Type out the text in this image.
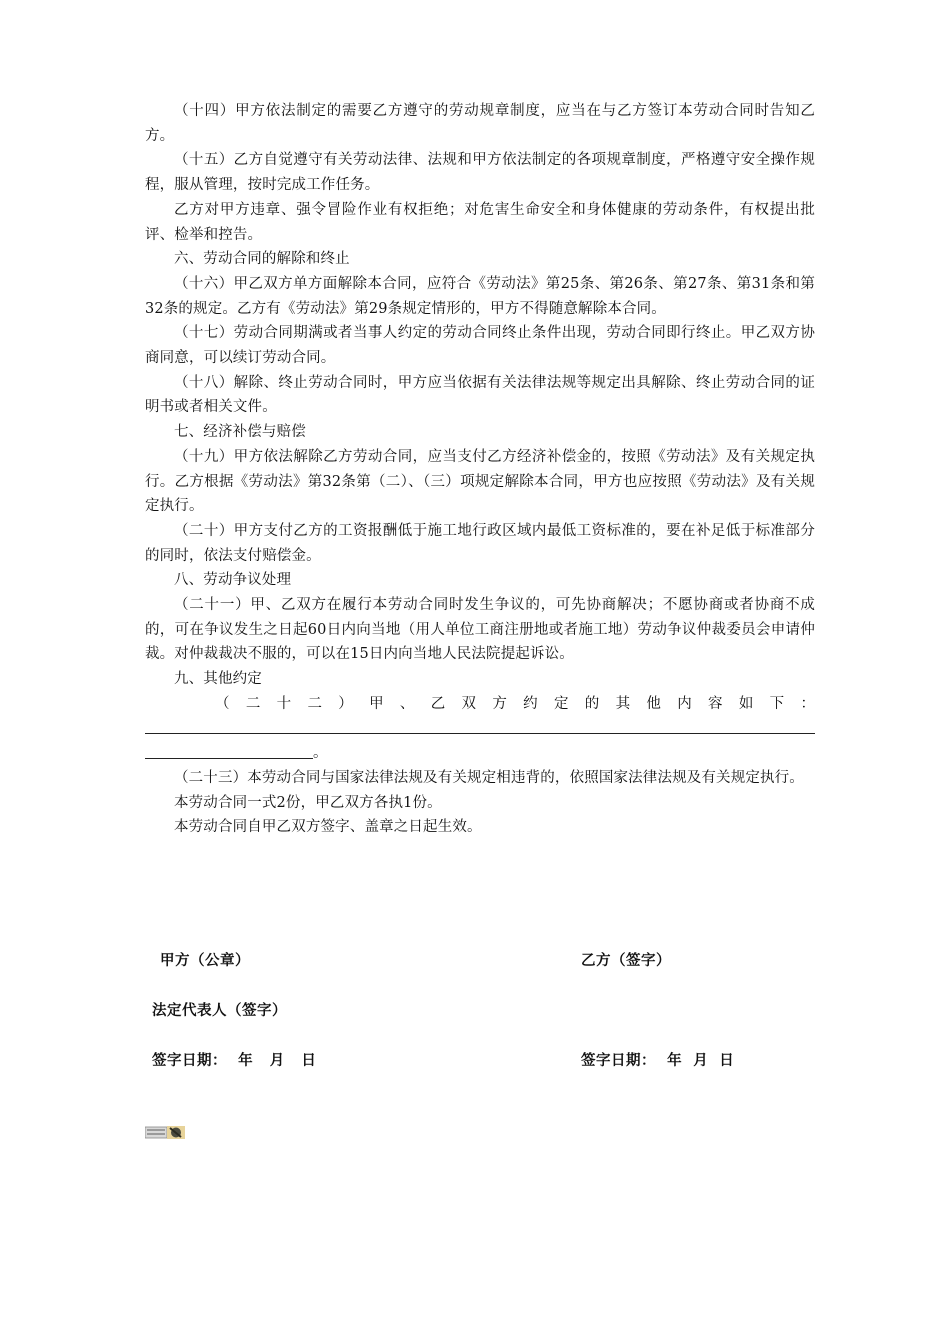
（十四）甲方依法制定的需要乙方遵守的劳动规章制度，应当在与乙方签订本劳动合同时告知乙方。

（十五）乙方自觉遵守有关劳动法律、法规和甲方依法制定的各项规章制度，严格遵守安全操作规程，服从管理，按时完成工作任务。

乙方对甲方违章、强令冒险作业有权拒绝；对危害生命安全和身体健康的劳动条件，有权提出批评、检举和控告。

六、劳动合同的解除和终止

（十六）甲乙双方单方面解除本合同，应符合《劳动法》第25条、第26条、第27条、第31条和第32条的规定。乙方有《劳动法》第29条规定情形的，甲方不得随意解除本合同。

（十七）劳动合同期满或者当事人约定的劳动合同终止条件出现，劳动合同即行终止。甲乙双方协商同意，可以续订劳动合同。

（十八）解除、终止劳动合同时，甲方应当依据有关法律法规等规定出具解除、终止劳动合同的证明书或者相关文件。

七、经济补偿与赔偿

（十九）甲方依法解除乙方劳动合同，应当支付乙方经济补偿金的，按照《劳动法》及有关规定执行。乙方根据《劳动法》第32条第（二）、（三）项规定解除本合同，甲方也应按照《劳动法》及有关规定执行。

（二十）甲方支付乙方的工资报酬低于施工地行政区域内最低工资标准的，要在补足低于标准部分的同时，依法支付赔偿金。

八、劳动争议处理

（二十一）甲、乙双方在履行本劳动合同时发生争议的，可先协商解决；不愿协商或者协商不成的，可在争议发生之日起60日内向当地（用人单位工商注册地或者施工地）劳动争议仲裁委员会申请仲裁。对仲裁裁决不服的，可以在15日内向当地人民法院提起诉讼。

九、其他约定

（ 二 十 二 ） 甲 、 乙 双 方 约 定 的 其 他 内 容 如 下 ：
。

（二十三）本劳动合同与国家法律法规及有关规定相违背的，依照国家法律法规及有关规定执行。

本劳动合同一式2份，甲乙双方各执1份。

本劳动合同自甲乙双方签字、盖章之日起生效。

甲方（公章）	乙方（签字）
法定代表人（签字）
签字日期：  年   月   日	签字日期：  年  月  日
